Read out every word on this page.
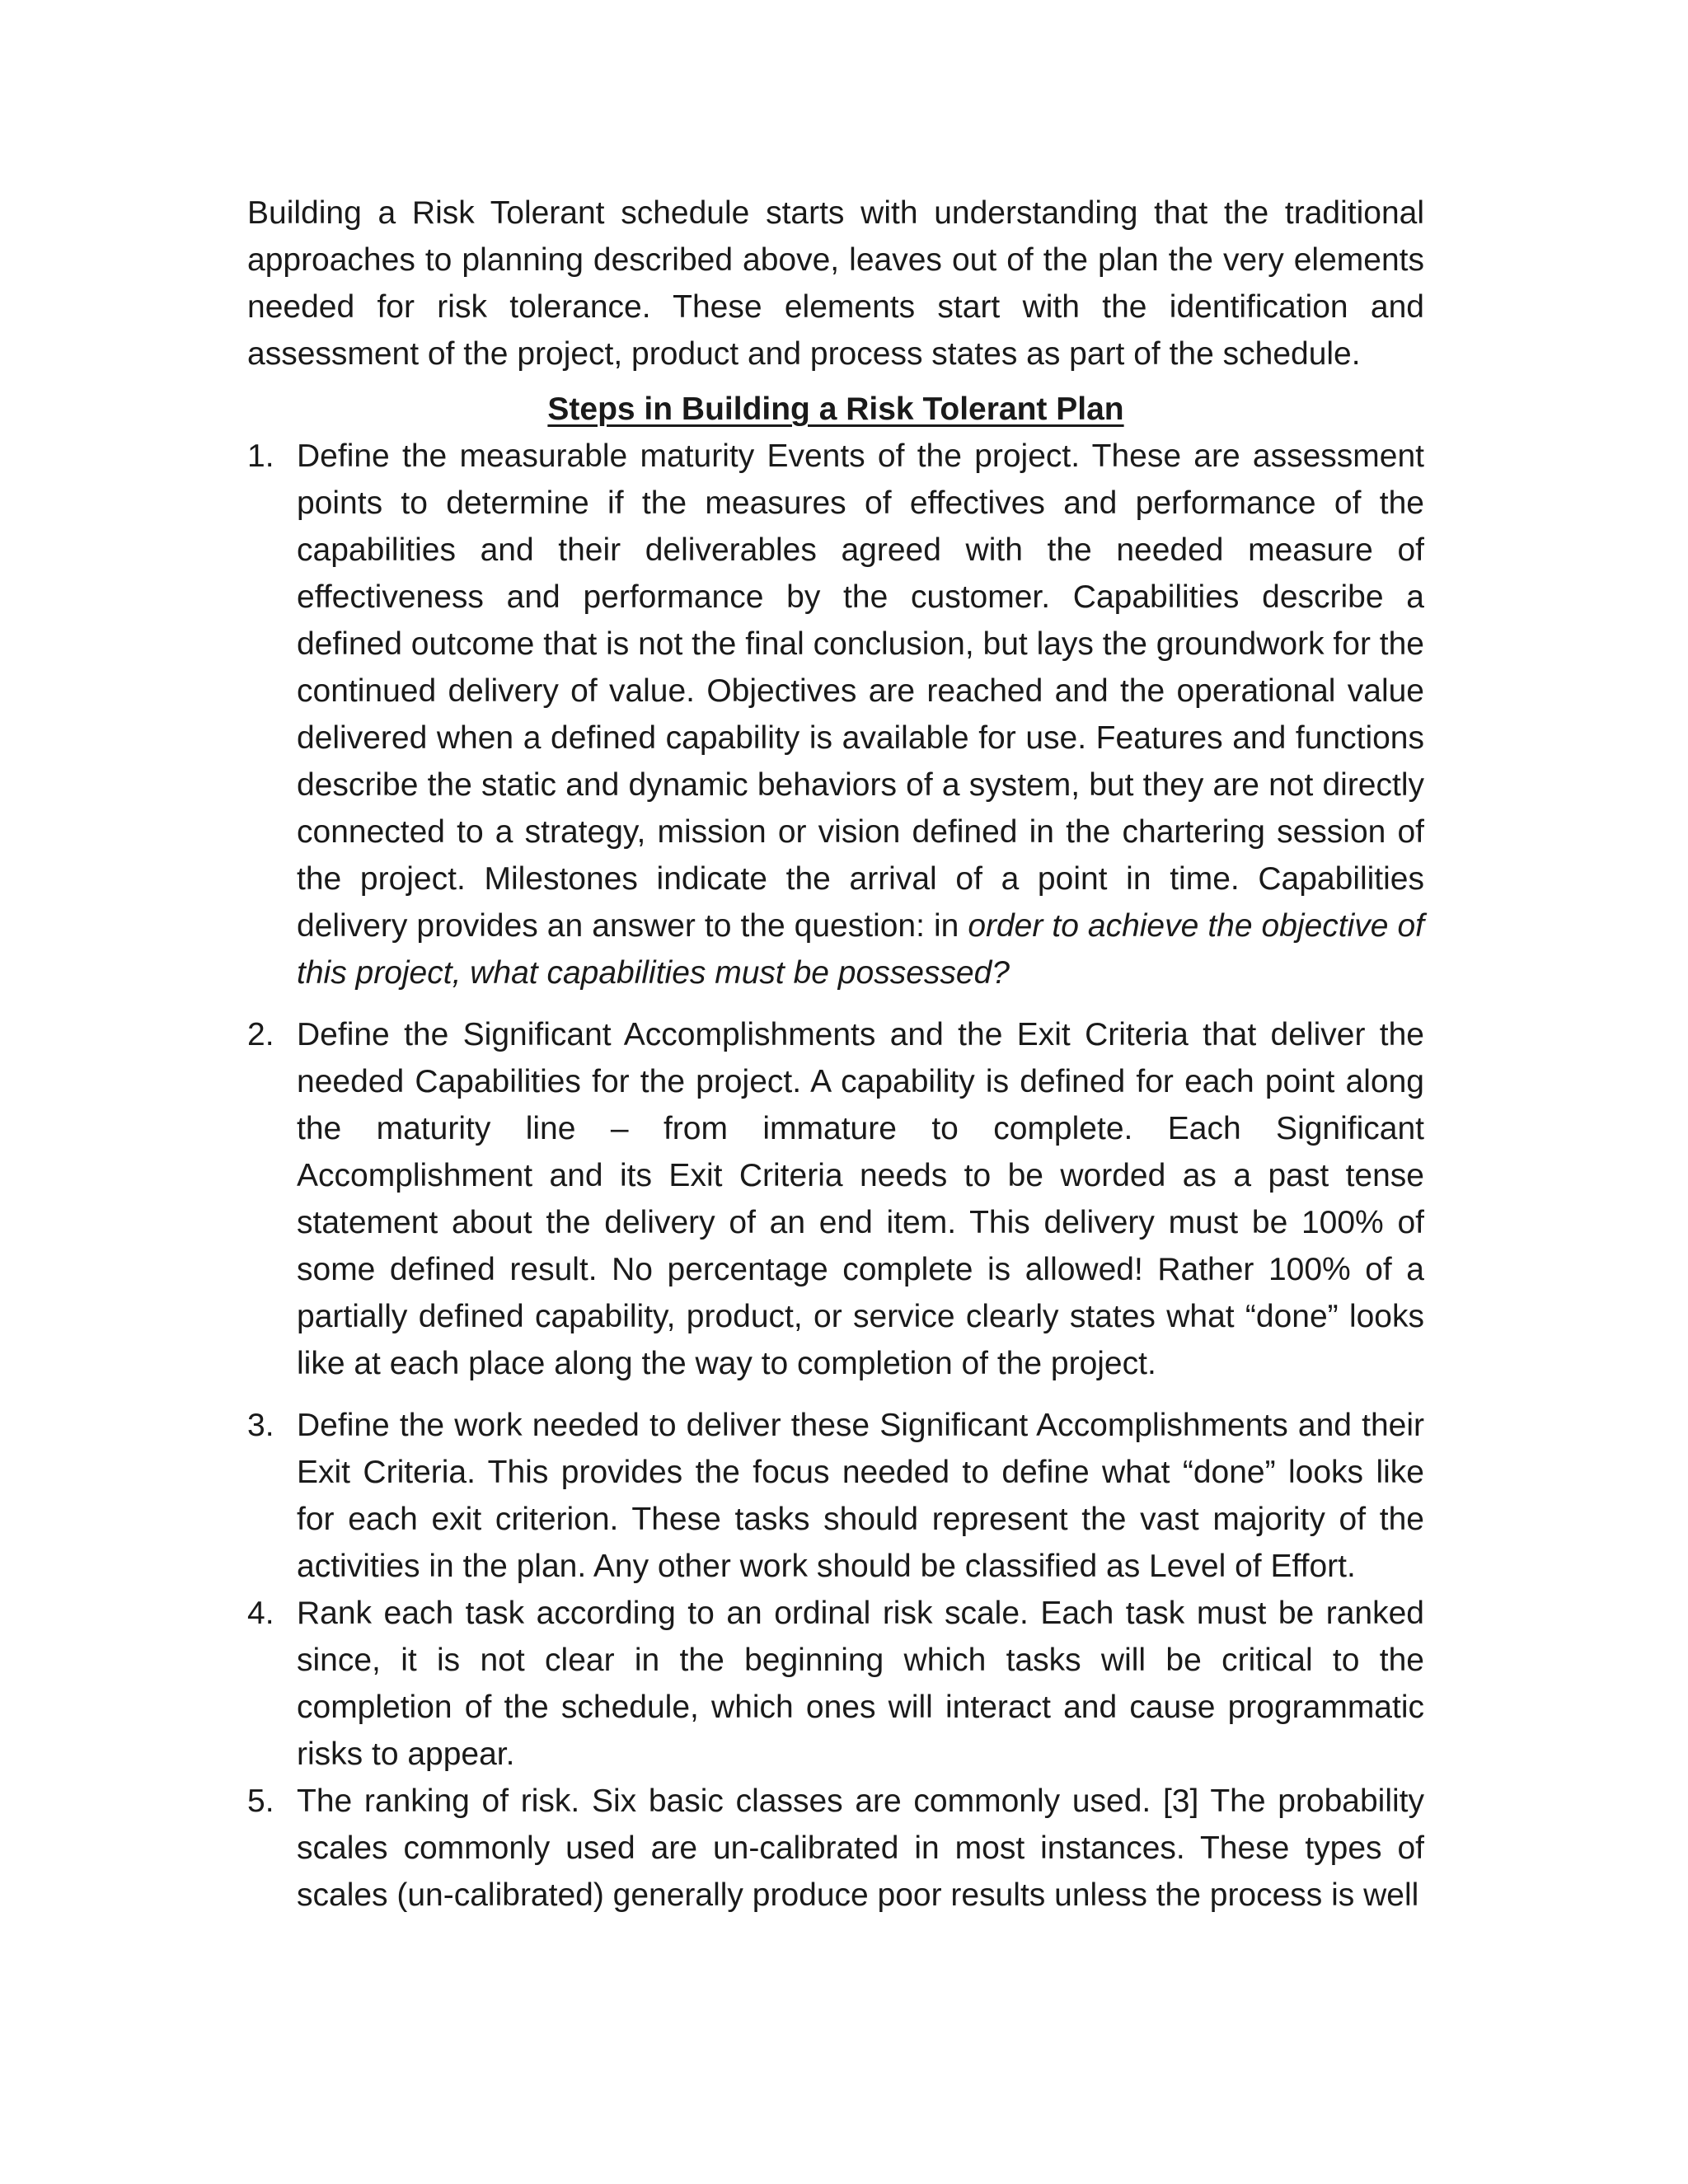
Building a Risk Tolerant schedule starts with understanding that the traditional approaches to planning described above, leaves out of the plan the very elements needed for risk tolerance. These elements start with the identification and assessment of the project, product and process states as part of the schedule.

Steps in Building a Risk Tolerant Plan
1. Define the measurable maturity Events of the project. These are assessment points to determine if the measures of effectives and performance of the capabilities and their deliverables agreed with the needed measure of effectiveness and performance by the customer. Capabilities describe a defined outcome that is not the final conclusion, but lays the groundwork for the continued delivery of value. Objectives are reached and the operational value delivered when a defined capability is available for use. Features and functions describe the static and dynamic behaviors of a system, but they are not directly connected to a strategy, mission or vision defined in the chartering session of the project. Milestones indicate the arrival of a point in time. Capabilities delivery provides an answer to the question: in order to achieve the objective of this project, what capabilities must be possessed?
2. Define the Significant Accomplishments and the Exit Criteria that deliver the needed Capabilities for the project. A capability is defined for each point along the maturity line – from immature to complete. Each Significant Accomplishment and its Exit Criteria needs to be worded as a past tense statement about the delivery of an end item. This delivery must be 100% of some defined result. No percentage complete is allowed! Rather 100% of a partially defined capability, product, or service clearly states what “done” looks like at each place along the way to completion of the project.
3. Define the work needed to deliver these Significant Accomplishments and their Exit Criteria. This provides the focus needed to define what “done” looks like for each exit criterion. These tasks should represent the vast majority of the activities in the plan. Any other work should be classified as Level of Effort.
4. Rank each task according to an ordinal risk scale. Each task must be ranked since, it is not clear in the beginning which tasks will be critical to the completion of the schedule, which ones will interact and cause programmatic risks to appear.
5. The ranking of risk. Six basic classes are commonly used. [3] The probability scales commonly used are un-calibrated in most instances. These types of scales (un-calibrated) generally produce poor results unless the process is well
